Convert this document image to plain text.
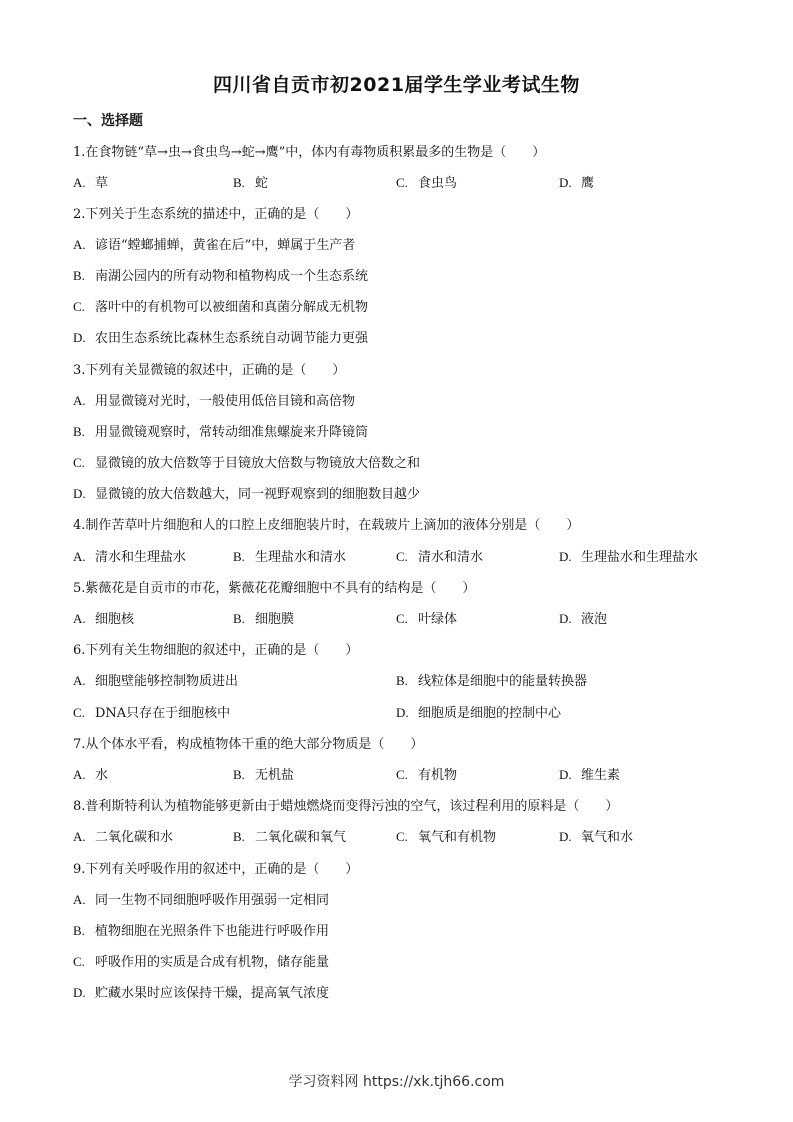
四川省自贡市初2021届学生学业考试生物
一、选择题
1.在食物链“草→虫→食虫鸟→蛇→鹰”中，体内有毒物质积累最多的生物是（　　）
A. 草	B. 蛇	C. 食虫鸟	D. 鹰
2.下列关于生态系统的描述中，正确的是（　　）
A. 谚语“螳螂捕蝉，黄雀在后”中，蝉属于生产者
B. 南湖公园内的所有动物和植物构成一个生态系统
C. 落叶中的有机物可以被细菌和真菌分解成无机物
D. 农田生态系统比森林生态系统自动调节能力更强
3.下列有关显微镜的叙述中，正确的是（　　）
A. 用显微镜对光时，一般使用低倍目镜和高倍物
B. 用显微镜观察时，常转动细准焦螺旋来升降镜筒
C. 显微镜的放大倍数等于目镜放大倍数与物镜放大倍数之和
D. 显微镜的放大倍数越大，同一视野观察到的细胞数目越少
4.制作苦草叶片细胞和人的口腔上皮细胞装片时，在载玻片上滴加的液体分别是（　　）
A. 清水和生理盐水	B. 生理盐水和清水	C. 清水和清水	D. 生理盐水和生理盐水
5.紫薇花是自贡市的市花，紫薇花花瓣细胞中不具有的结构是（　　）
A. 细胞核	B. 细胞膜	C. 叶绿体	D. 液泡
6.下列有关生物细胞的叙述中，正确的是（　　）
A. 细胞壁能够控制物质进出	B. 线粒体是细胞中的能量转换器
C. DNA只存在于细胞核中	D. 细胞质是细胞的控制中心
7.从个体水平看，构成植物体干重的绝大部分物质是（　　）
A. 水	B. 无机盐	C. 有机物	D. 维生素
8.普利斯特利认为植物能够更新由于蜡烛燃烧而变得污浊的空气，该过程利用的原料是（　　）
A. 二氧化碳和水	B. 二氧化碳和氧气	C. 氧气和有机物	D. 氧气和水
9.下列有关呼吸作用的叙述中，正确的是（　　）
A. 同一生物不同细胞呼吸作用强弱一定相同
B. 植物细胞在光照条件下也能进行呼吸作用
C. 呼吸作用的实质是合成有机物，储存能量
D. 贮藏水果时应该保持干燥，提高氧气浓度
学习资料网 https://xk.tjh66.com
